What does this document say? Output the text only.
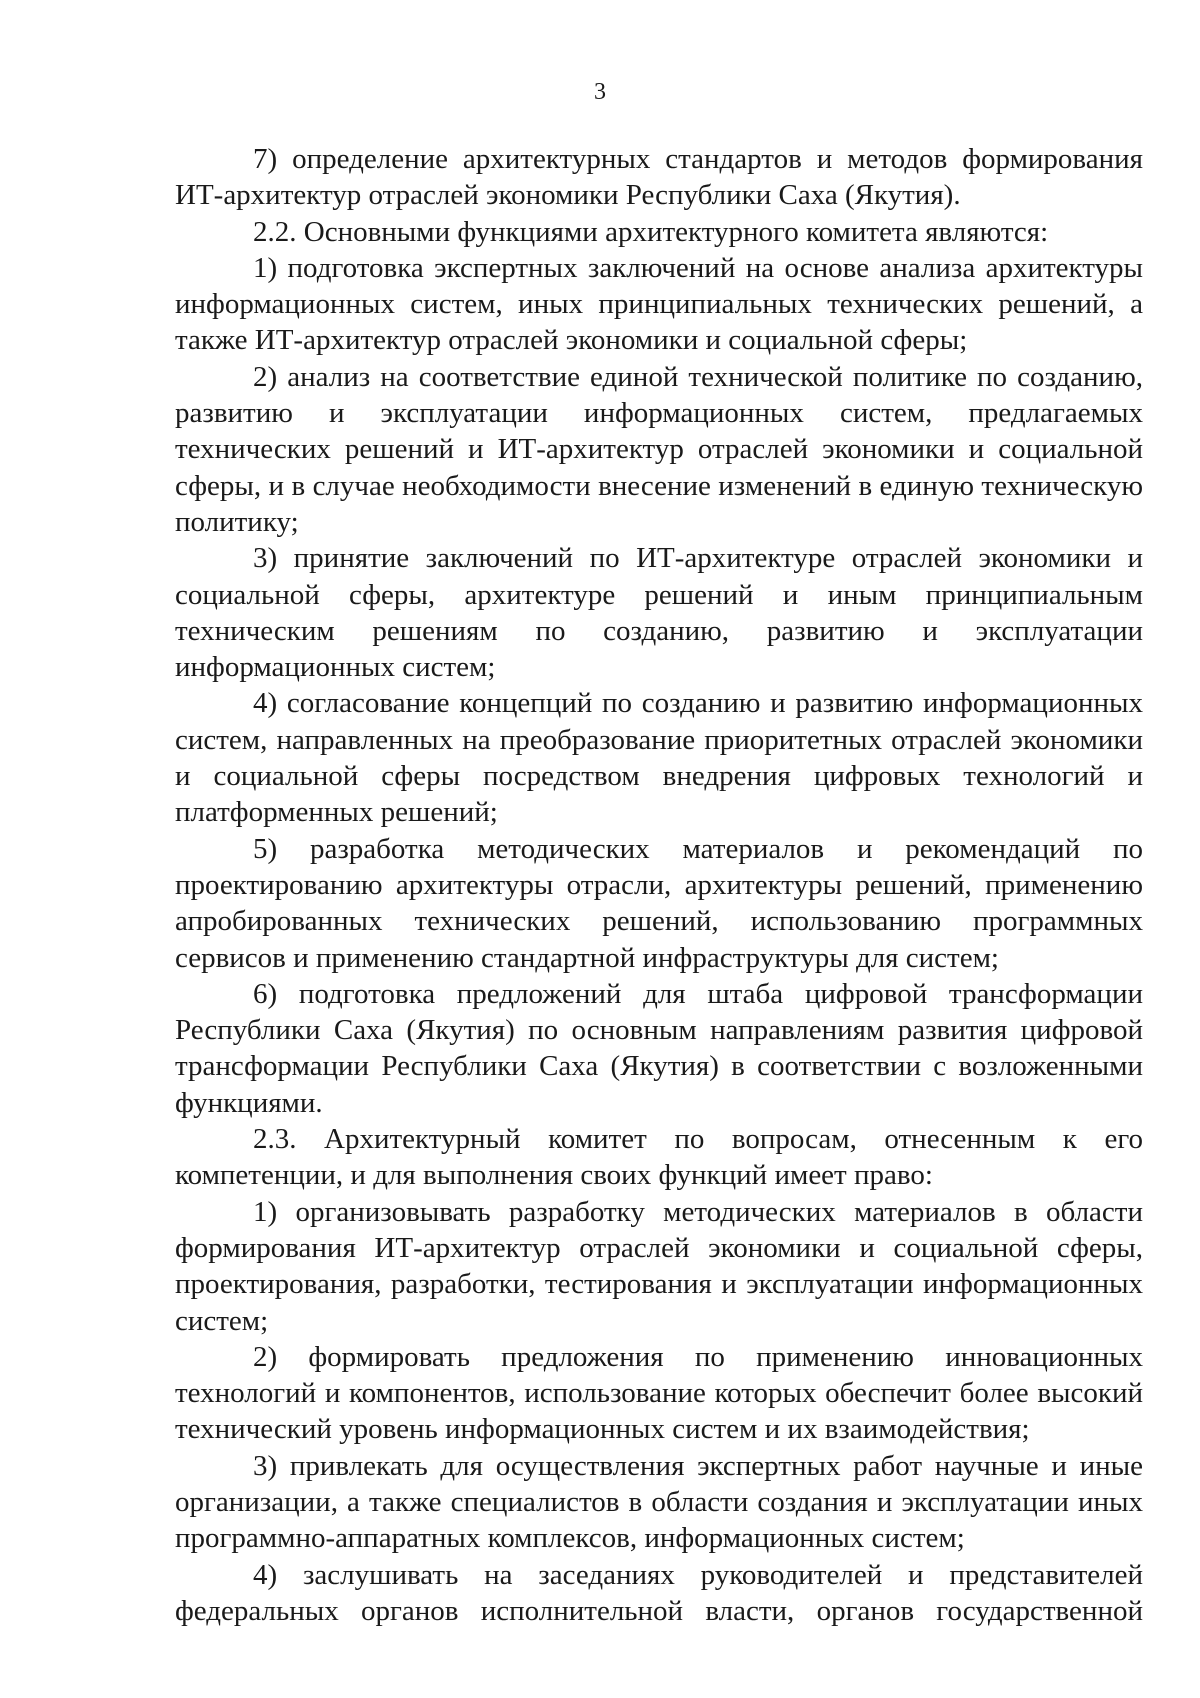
3

7) определение архитектурных стандартов и методов формирования ИТ-архитектур отраслей экономики Республики Саха (Якутия).

2.2. Основными функциями архитектурного комитета являются:

1) подготовка экспертных заключений на основе анализа архитектуры информационных систем, иных принципиальных технических решений, а также ИТ-архитектур отраслей экономики и социальной сферы;

2) анализ на соответствие единой технической политике по созданию, развитию и эксплуатации информационных систем, предлагаемых технических решений и ИТ-архитектур отраслей экономики и социальной сферы, и в случае необходимости внесение изменений в единую техническую политику;

3) принятие заключений по ИТ-архитектуре отраслей экономики и социальной сферы, архитектуре решений и иным принципиальным техническим решениям по созданию, развитию и эксплуатации информационных систем;

4) согласование концепций по созданию и развитию информационных систем, направленных на преобразование приоритетных отраслей экономики и социальной сферы посредством внедрения цифровых технологий и платформенных решений;

5) разработка методических материалов и рекомендаций по проектированию архитектуры отрасли, архитектуры решений, применению апробированных технических решений, использованию программных сервисов и применению стандартной инфраструктуры для систем;

6) подготовка предложений для штаба цифровой трансформации Республики Саха (Якутия) по основным направлениям развития цифровой трансформации Республики Саха (Якутия) в соответствии с возложенными функциями.

2.3. Архитектурный комитет по вопросам, отнесенным к его компетенции, и для выполнения своих функций имеет право:

1) организовывать разработку методических материалов в области формирования ИТ-архитектур отраслей экономики и социальной сферы, проектирования, разработки, тестирования и эксплуатации информационных систем;

2) формировать предложения по применению инновационных технологий и компонентов, использование которых обеспечит более высокий технический уровень информационных систем и их взаимодействия;

3) привлекать для осуществления экспертных работ научные и иные организации, а также специалистов в области создания и эксплуатации иных программно-аппаратных комплексов, информационных систем;

4) заслушивать на заседаниях руководителей и представителей федеральных органов исполнительной власти, органов государственной
